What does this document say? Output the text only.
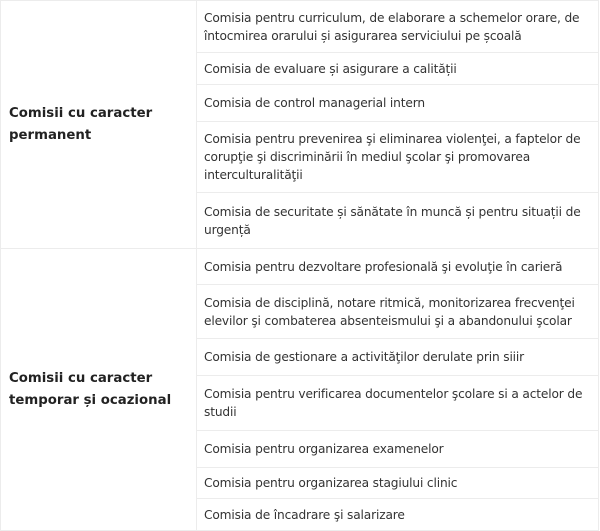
Comisii cu caracter permanent	Comisia pentru curriculum, de elaborare a schemelor orare, de întocmirea orarului și asigurarea serviciului pe școală
	Comisia de evaluare și asigurare a calității
	Comisia de control managerial intern
	Comisia pentru prevenirea şi eliminarea violenţei, a faptelor de corupţie şi discriminării în mediul şcolar şi promovarea interculturalităţii
	Comisia de securitate și sănătate în muncă și pentru situații de urgență
Comisii cu caracter temporar și ocazional	Comisia pentru dezvoltare profesională şi evoluţie în carieră
	Comisia de disciplină, notare ritmică, monitorizarea frecvenţei elevilor şi combaterea absenteismului şi a abandonului şcolar
	Comisia de gestionare a activităţilor derulate prin siiir
	Comisia pentru verificarea documentelor şcolare si a actelor de studii
	Comisia pentru organizarea examenelor
	Comisia pentru organizarea stagiului clinic
	Comisia de încadrare şi salarizare
